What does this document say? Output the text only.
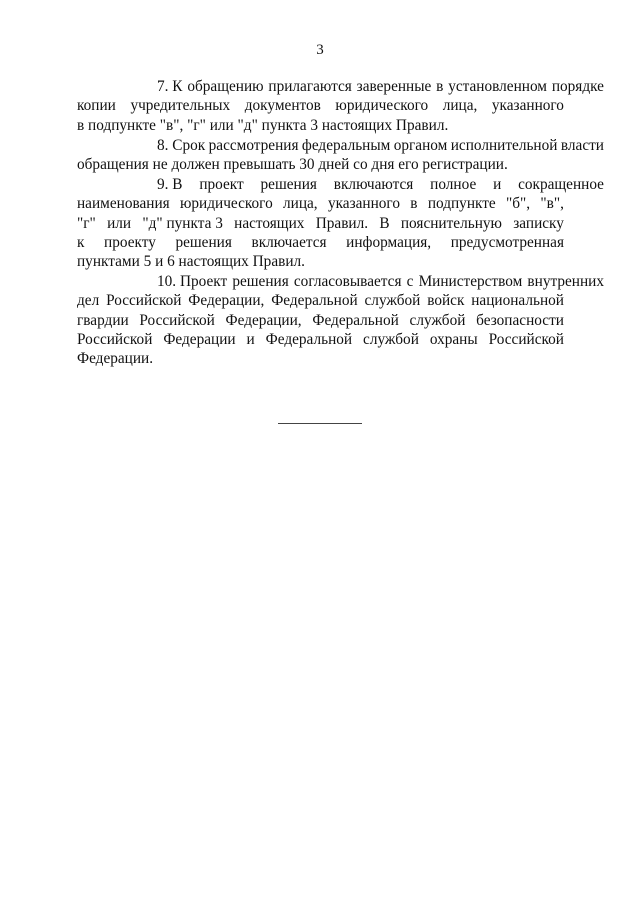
3
7. К обращению прилагаются заверенные в установленном порядке
копии учредительных документов юридического лица, указанного
в подпункте "в", "г" или "д" пункта 3 настоящих Правил.
8. Срок рассмотрения федеральным органом исполнительной власти
обращения не должен превышать 30 дней со дня его регистрации.
9. В проект решения включаются полное и сокращенное
наименования юридического лица, указанного в подпункте "б", "в",
"г" или "д" пункта 3 настоящих Правил. В пояснительную записку
к проекту решения включается информация, предусмотренная
пунктами 5 и 6 настоящих Правил.
10. Проект решения согласовывается с Министерством внутренних
дел Российской Федерации, Федеральной службой войск национальной
гвардии Российской Федерации, Федеральной службой безопасности
Российской Федерации и Федеральной службой охраны Российской
Федерации.
